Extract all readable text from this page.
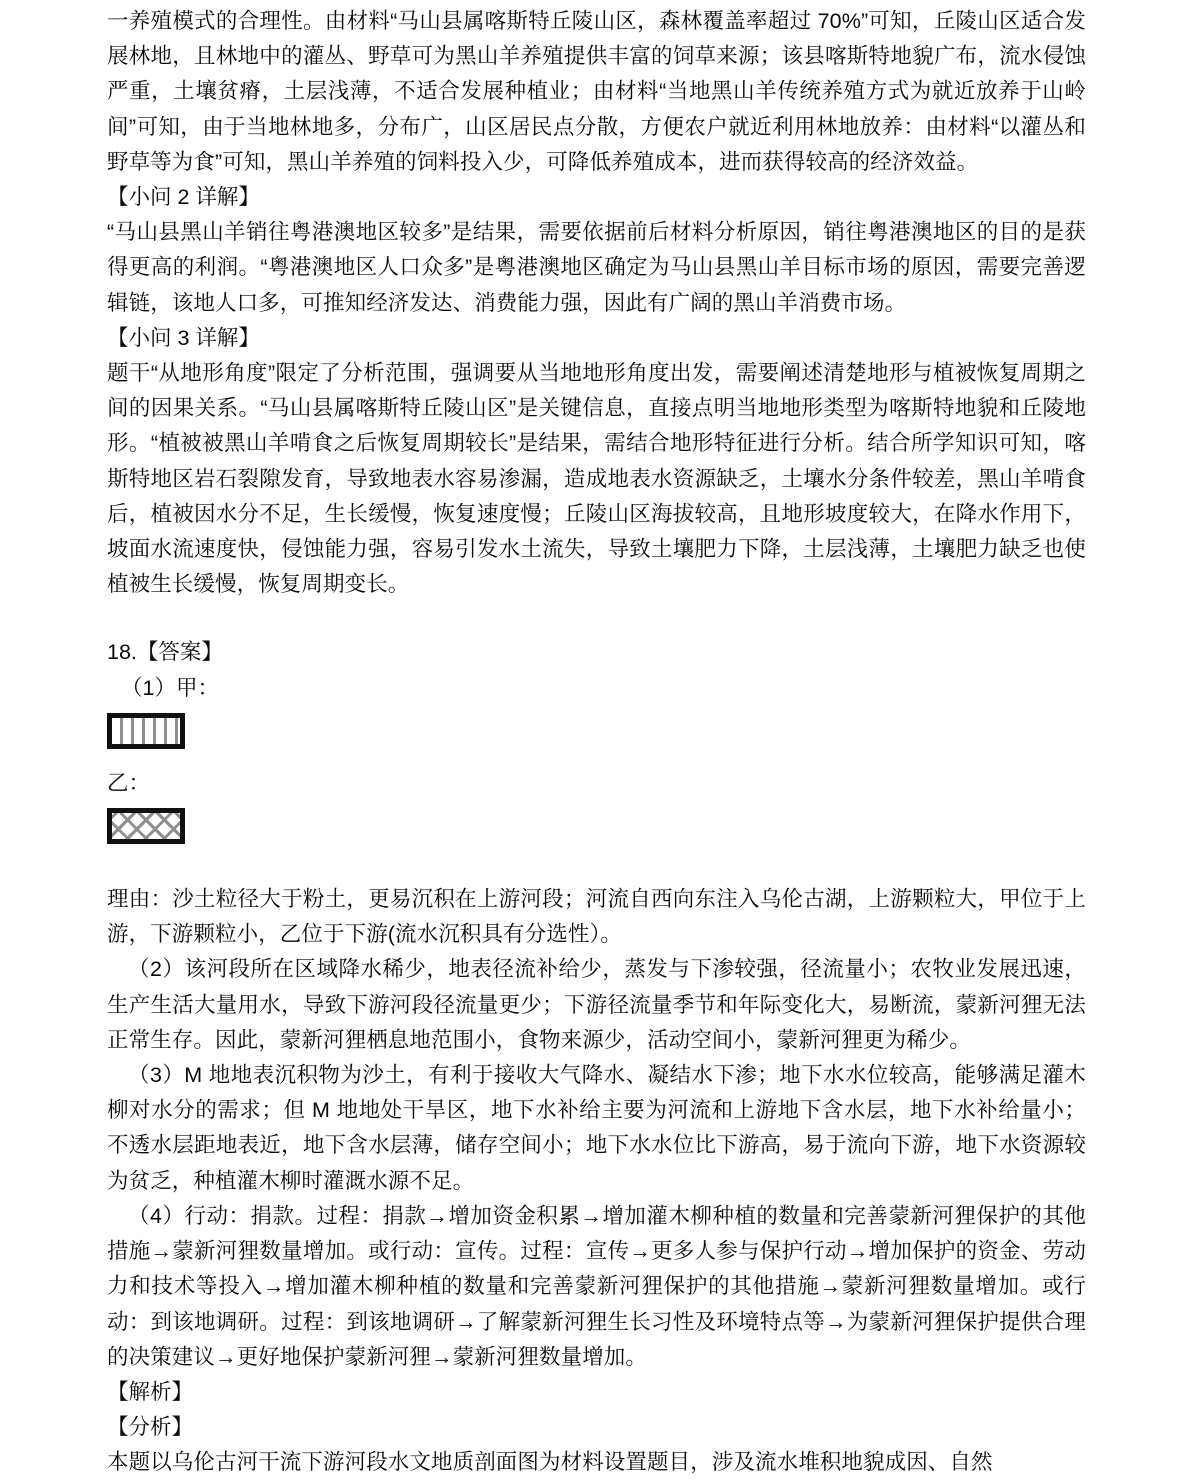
一养殖模式的合理性。由材料“马山县属喀斯特丘陵山区，森林覆盖率超过 70%”可知，丘陵山区适合发展林地，且林地中的灌丛、野草可为黑山羊养殖提供丰富的饲草来源；该县喀斯特地貌广布，流水侵蚀严重，土壤贫瘠，土层浅薄，不适合发展种植业；由材料“当地黑山羊传统养殖方式为就近放养于山岭间”可知，由于当地林地多，分布广，山区居民点分散，方便农户就近利用林地放养：由材料“以灌丛和野草等为食”可知，黑山羊养殖的饲料投入少，可降低养殖成本，进而获得较高的经济效益。

【小问 2 详解】

“马山县黑山羊销往粤港澳地区较多”是结果，需要依据前后材料分析原因，销往粤港澳地区的目的是获得更高的利润。“粤港澳地区人口众多”是粤港澳地区确定为马山县黑山羊目标市场的原因，需要完善逻辑链，该地人口多，可推知经济发达、消费能力强，因此有广阔的黑山羊消费市场。

【小问 3 详解】

题干“从地形角度”限定了分析范围，强调要从当地地形角度出发，需要阐述清楚地形与植被恢复周期之间的因果关系。“马山县属喀斯特丘陵山区”是关键信息，直接点明当地地形类型为喀斯特地貌和丘陵地形。“植被被黑山羊啃食之后恢复周期较长”是结果，需结合地形特征进行分析。结合所学知识可知，喀斯特地区岩石裂隙发育，导致地表水容易渗漏，造成地表水资源缺乏，土壤水分条件较差，黑山羊啃食后，植被因水分不足，生长缓慢，恢复速度慢；丘陵山区海拔较高，且地形坡度较大，在降水作用下，坡面水流速度快，侵蚀能力强，容易引发水土流失，导致土壤肥力下降，土层浅薄，土壤肥力缺乏也使植被生长缓慢，恢复周期变长。

18.【答案】

（1）甲：

乙：

理由：沙土粒径大于粉土，更易沉积在上游河段；河流自西向东注入乌伦古湖，上游颗粒大，甲位于上游，下游颗粒小，乙位于下游(流水沉积具有分选性）。

（2）该河段所在区域降水稀少，地表径流补给少，蒸发与下渗较强，径流量小；农牧业发展迅速，生产生活大量用水，导致下游河段径流量更少；下游径流量季节和年际变化大，易断流，蒙新河狸无法正常生存。因此，蒙新河狸栖息地范围小，食物来源少，活动空间小，蒙新河狸更为稀少。

（3）M 地地表沉积物为沙土，有利于接收大气降水、凝结水下渗；地下水水位较高，能够满足灌木柳对水分的需求；但 M 地地处干旱区，地下水补给主要为河流和上游地下含水层，地下水补给量小；不透水层距地表近，地下含水层薄，储存空间小；地下水水位比下游高，易于流向下游，地下水资源较为贫乏，种植灌木柳时灌溉水源不足。

（4）行动：捐款。过程：捐款→增加资金积累→增加灌木柳种植的数量和完善蒙新河狸保护的其他措施→蒙新河狸数量增加。或行动：宣传。过程：宣传→更多人参与保护行动→增加保护的资金、劳动力和技术等投入→增加灌木柳种植的数量和完善蒙新河狸保护的其他措施→蒙新河狸数量增加。或行动：到该地调研。过程：到该地调研→了解蒙新河狸生长习性及环境特点等→为蒙新河狸保护提供合理的决策建议→更好地保护蒙新河狸→蒙新河狸数量增加。

【解析】

【分析】

本题以乌伦古河干流下游河段水文地质剖面图为材料设置题目，涉及流水堆积地貌成因、自然
